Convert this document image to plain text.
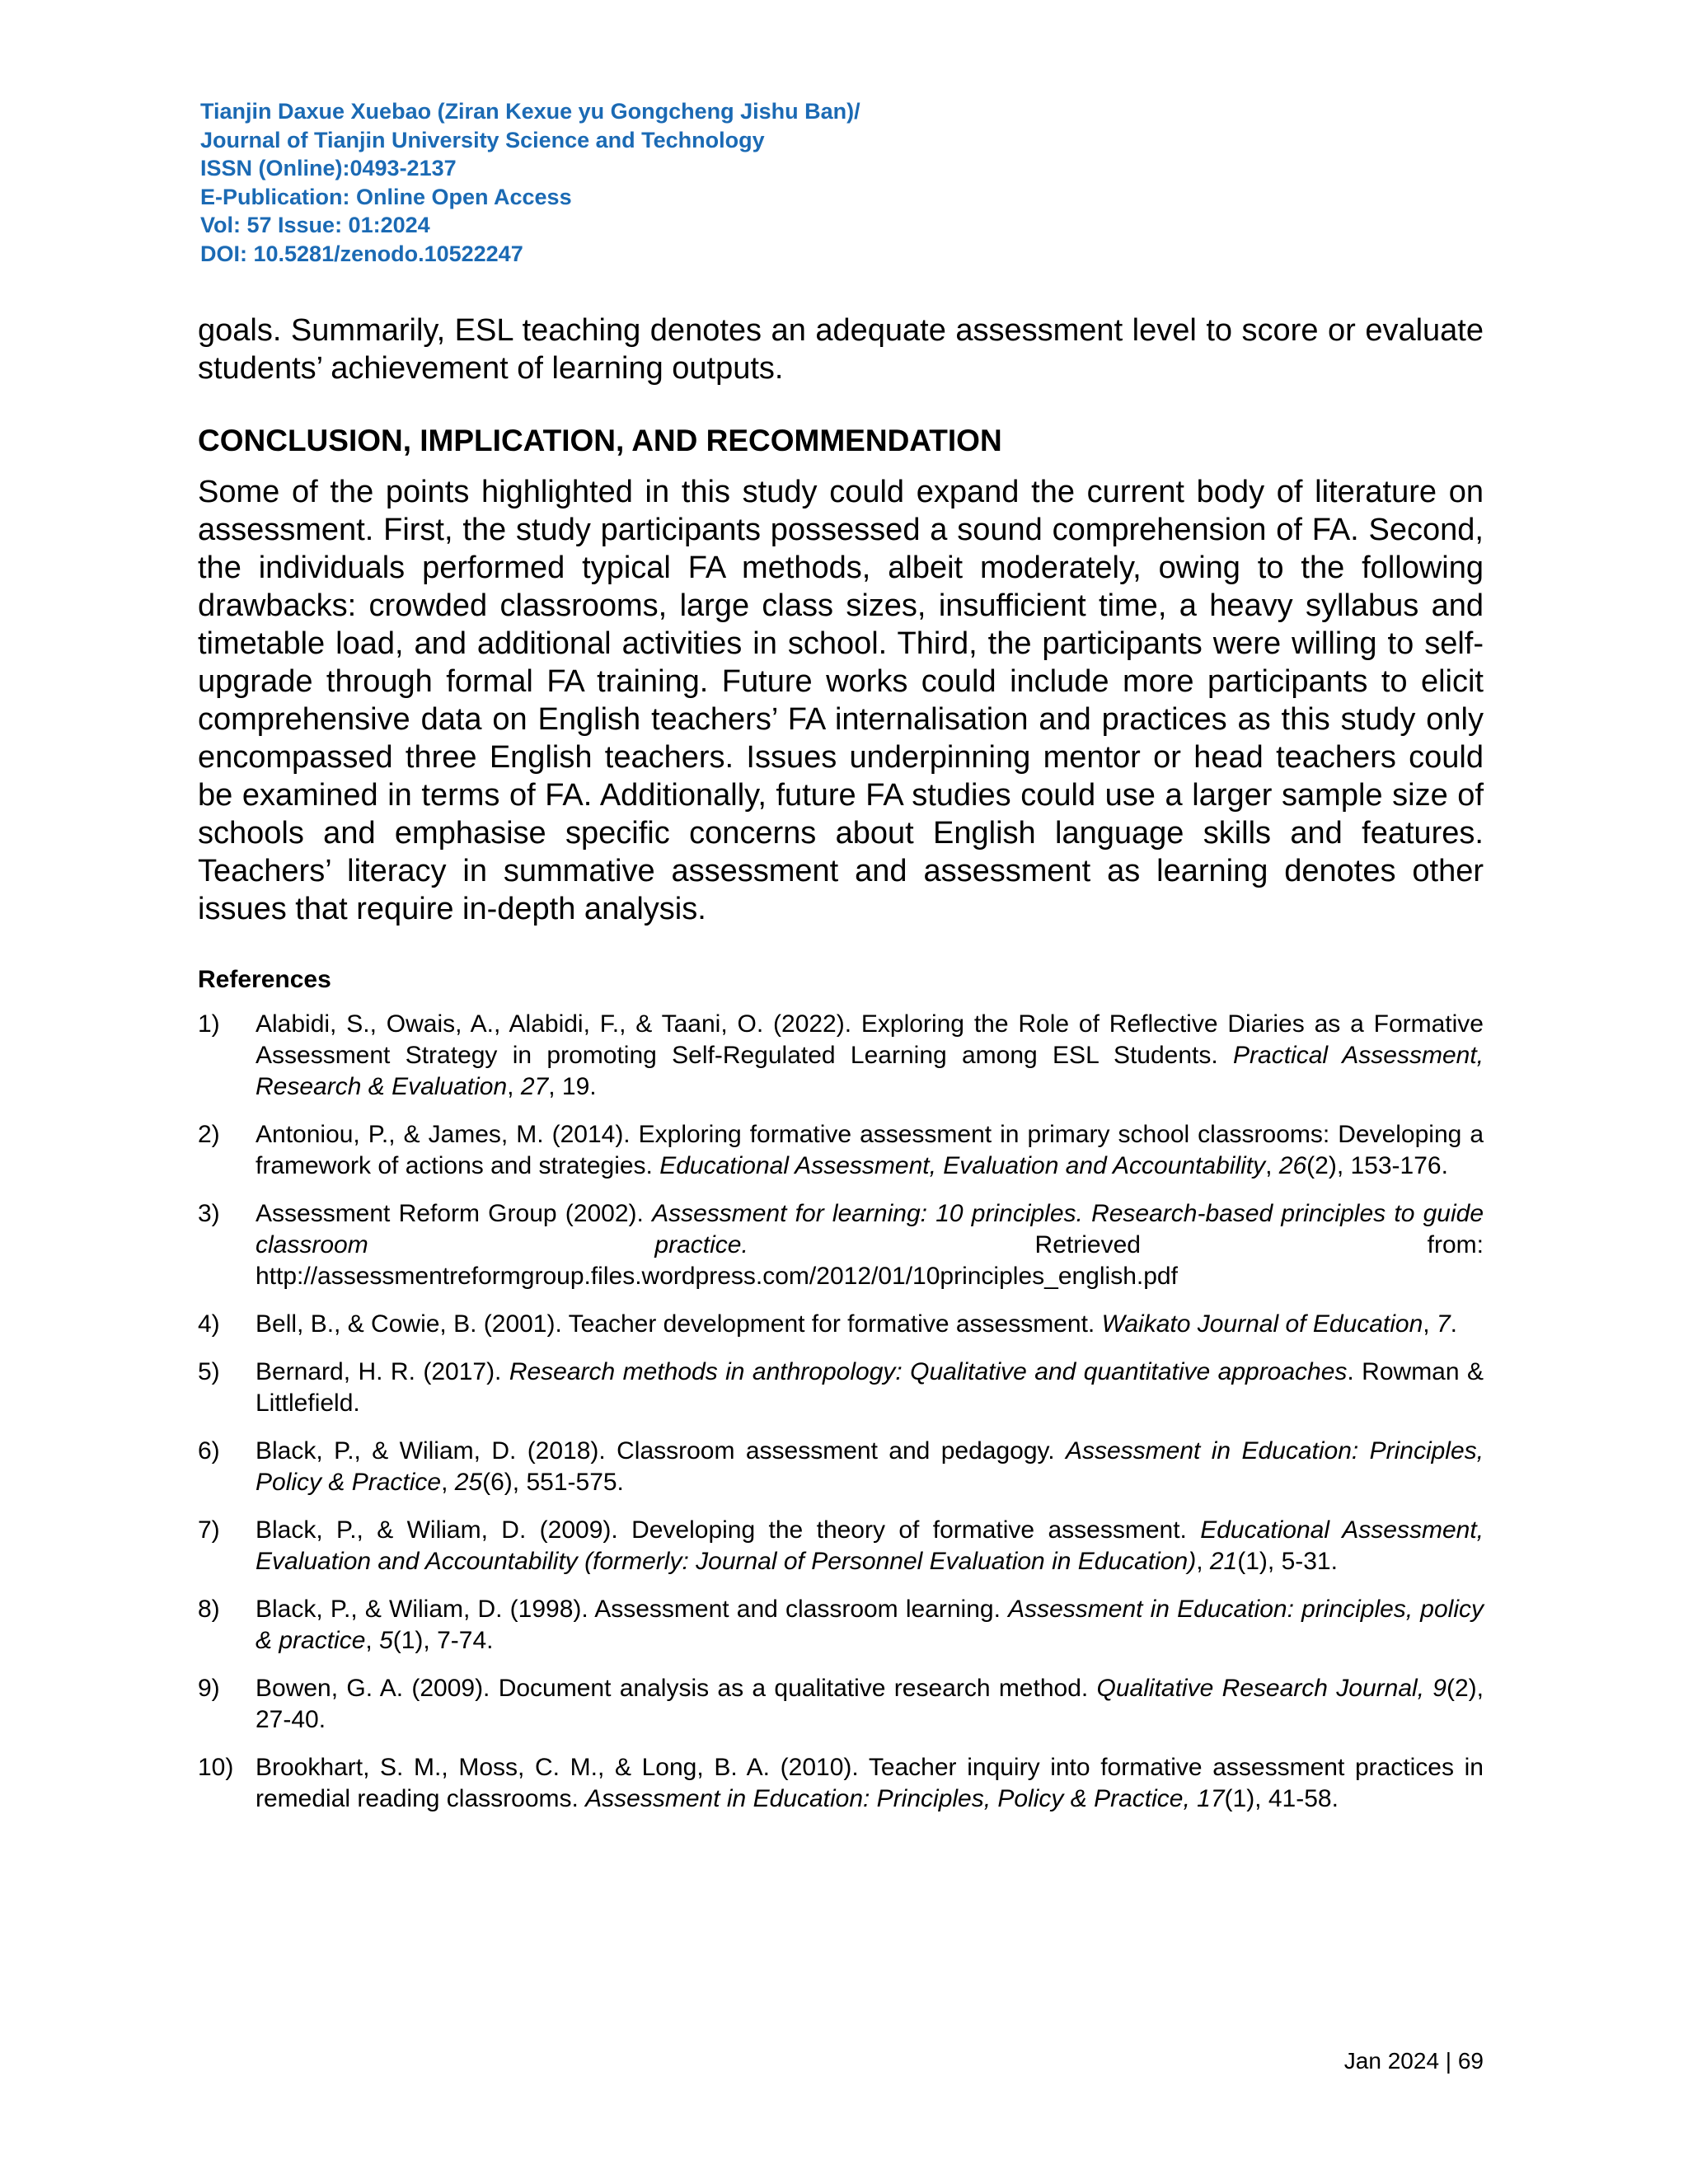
Tianjin Daxue Xuebao (Ziran Kexue yu Gongcheng Jishu Ban)/
Journal of Tianjin University Science and Technology
ISSN (Online):0493-2137
E-Publication: Online Open Access
Vol: 57 Issue: 01:2024
DOI: 10.5281/zenodo.10522247

goals. Summarily, ESL teaching denotes an adequate assessment level to score or evaluate students’ achievement of learning outputs.

CONCLUSION, IMPLICATION, AND RECOMMENDATION

Some of the points highlighted in this study could expand the current body of literature on assessment. First, the study participants possessed a sound comprehension of FA. Second, the individuals performed typical FA methods, albeit moderately, owing to the following drawbacks: crowded classrooms, large class sizes, insufficient time, a heavy syllabus and timetable load, and additional activities in school. Third, the participants were willing to self-upgrade through formal FA training. Future works could include more participants to elicit comprehensive data on English teachers’ FA internalisation and practices as this study only encompassed three English teachers. Issues underpinning mentor or head teachers could be examined in terms of FA. Additionally, future FA studies could use a larger sample size of schools and emphasise specific concerns about English language skills and features. Teachers’ literacy in summative assessment and assessment as learning denotes other issues that require in-depth analysis.

References
1)	Alabidi, S., Owais, A., Alabidi, F., & Taani, O. (2022). Exploring the Role of Reflective Diaries as a Formative Assessment Strategy in promoting Self-Regulated Learning among ESL Students. Practical Assessment, Research & Evaluation, 27, 19.
2)	Antoniou, P., & James, M. (2014). Exploring formative assessment in primary school classrooms: Developing a framework of actions and strategies. Educational Assessment, Evaluation and Accountability, 26(2), 153-176.
3)	Assessment Reform Group (2002). Assessment for learning: 10 principles. Research-based principles to guide classroom practice. Retrieved from: http://assessmentreformgroup.files.wordpress.com/2012/01/10principles_english.pdf
4)	Bell, B., & Cowie, B. (2001). Teacher development for formative assessment. Waikato Journal of Education, 7.
5)	Bernard, H. R. (2017). Research methods in anthropology: Qualitative and quantitative approaches. Rowman & Littlefield.
6)	Black, P., & Wiliam, D. (2018). Classroom assessment and pedagogy. Assessment in Education: Principles, Policy & Practice, 25(6), 551-575.
7)	Black, P., & Wiliam, D. (2009). Developing the theory of formative assessment. Educational Assessment, Evaluation and Accountability (formerly: Journal of Personnel Evaluation in Education), 21(1), 5-31.
8)	Black, P., & Wiliam, D. (1998). Assessment and classroom learning. Assessment in Education: principles, policy & practice, 5(1), 7-74.
9)	Bowen, G. A. (2009). Document analysis as a qualitative research method. Qualitative Research Journal, 9(2), 27-40.
10) Brookhart, S. M., Moss, C. M., & Long, B. A. (2010). Teacher inquiry into formative assessment practices in remedial reading classrooms. Assessment in Education: Principles, Policy & Practice, 17(1), 41-58.
Jan 2024 | 69
